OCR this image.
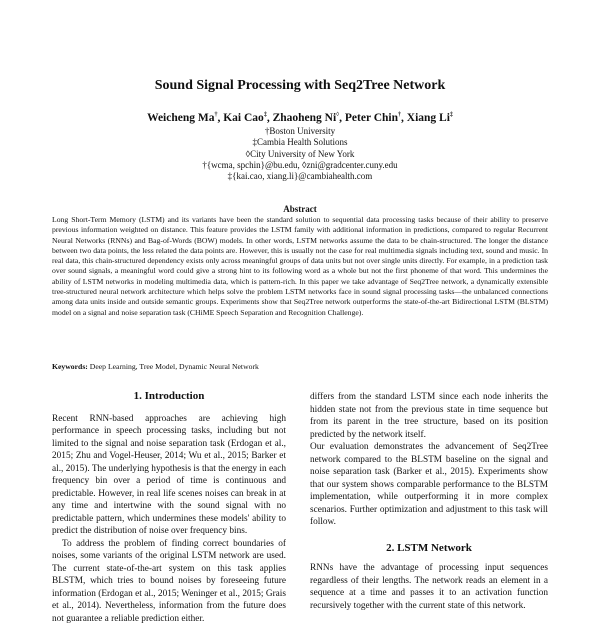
Sound Signal Processing with Seq2Tree Network
Weicheng Ma†, Kai Cao‡, Zhaoheng Ni◊, Peter Chin†, Xiang Li‡
†Boston University
‡Cambia Health Solutions
◊City University of New York
†{wcma, spchin}@bu.edu, ◊zni@gradcenter.cuny.edu
‡{kai.cao, xiang.li}@cambiahealth.com
Abstract
Long Short-Term Memory (LSTM) and its variants have been the standard solution to sequential data processing tasks because of their ability to preserve previous information weighted on distance. This feature provides the LSTM family with additional information in predictions, compared to regular Recurrent Neural Networks (RNNs) and Bag-of-Words (BOW) models. In other words, LSTM networks assume the data to be chain-structured. The longer the distance between two data points, the less related the data points are. However, this is usually not the case for real multimedia signals including text, sound and music. In real data, this chain-structured dependency exists only across meaningful groups of data units but not over single units directly. For example, in a prediction task over sound signals, a meaningful word could give a strong hint to its following word as a whole but not the first phoneme of that word. This undermines the ability of LSTM networks in modeling multimedia data, which is pattern-rich. In this paper we take advantage of Seq2Tree network, a dynamically extensible tree-structured neural network architecture which helps solve the problem LSTM networks face in sound signal processing tasks—the unbalanced connections among data units inside and outside semantic groups. Experiments show that Seq2Tree network outperforms the state-of-the-art Bidirectional LSTM (BLSTM) model on a signal and noise separation task (CHiME Speech Separation and Recognition Challenge).
Keywords: Deep Learning, Tree Model, Dynamic Neural Network
1. Introduction

Recent RNN-based approaches are achieving high performance in speech processing tasks, including but not limited to the signal and noise separation task (Erdogan et al., 2015; Zhu and Vogel-Heuser, 2014; Wu et al., 2015; Barker et al., 2015). The underlying hypothesis is that the energy in each frequency bin over a period of time is continuous and predictable. However, in real life scenes noises can break in at any time and intertwine with the sound signal with no predictable pattern, which undermines these models' ability to predict the distribution of noise over frequency bins.

To address the problem of finding correct boundaries of noises, some variants of the original LSTM network are used. The current state-of-the-art system on this task applies BLSTM, which tries to bound noises by foreseeing future information (Erdogan et al., 2015; Weninger et al., 2015; Grais et al., 2014). Nevertheless, information from the future does not guarantee a reliable prediction either.

differs from the standard LSTM since each node inherits the hidden state not from the previous state in time sequence but from its parent in the tree structure, based on its position predicted by the network itself.

Our evaluation demonstrates the advancement of Seq2Tree network compared to the BLSTM baseline on the signal and noise separation task (Barker et al., 2015). Experiments show that our system shows comparable performance to the BLSTM implementation, while outperforming it in more complex scenarios. Further optimization and adjustment to this task will follow.

2. LSTM Network

RNNs have the advantage of processing input sequences regardless of their lengths. The network reads an element in a sequence at a time and passes it to an activation function recursively together with the current state of this network.
